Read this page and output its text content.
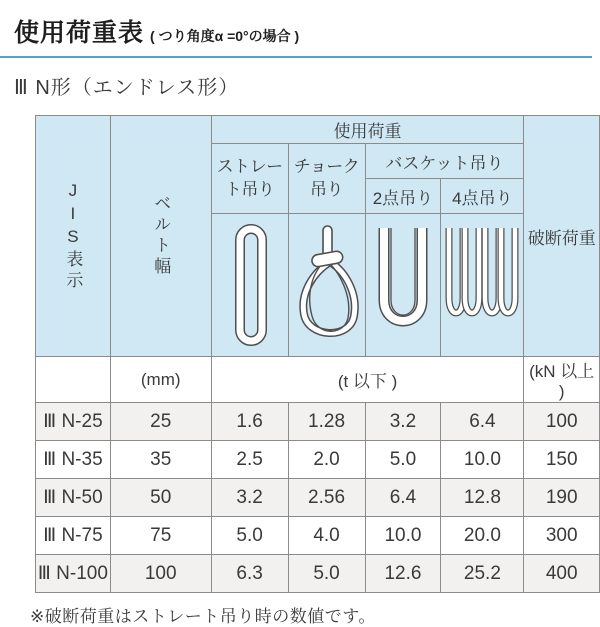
使用荷重表 ( つり角度α =0°の場合 )
Ⅲ N形（エンドレス形）
JIS表示	ベルト幅	使用荷重				破断荷重
		ストレート吊り	チョーク吊り	バスケット吊り		
				2点吊り	4点吊り	

	(mm)	(t 以下 )				(kN 以上 )
Ⅲ N-25	25	1.6	1.28	3.2	6.4	100
Ⅲ N-35	35	2.5	2.0	5.0	10.0	150
Ⅲ N-50	50	3.2	2.56	6.4	12.8	190
Ⅲ N-75	75	5.0	4.0	10.0	20.0	300
Ⅲ N-100	100	6.3	5.0	12.6	25.2	400
※破断荷重はストレート吊り時の数値です。
